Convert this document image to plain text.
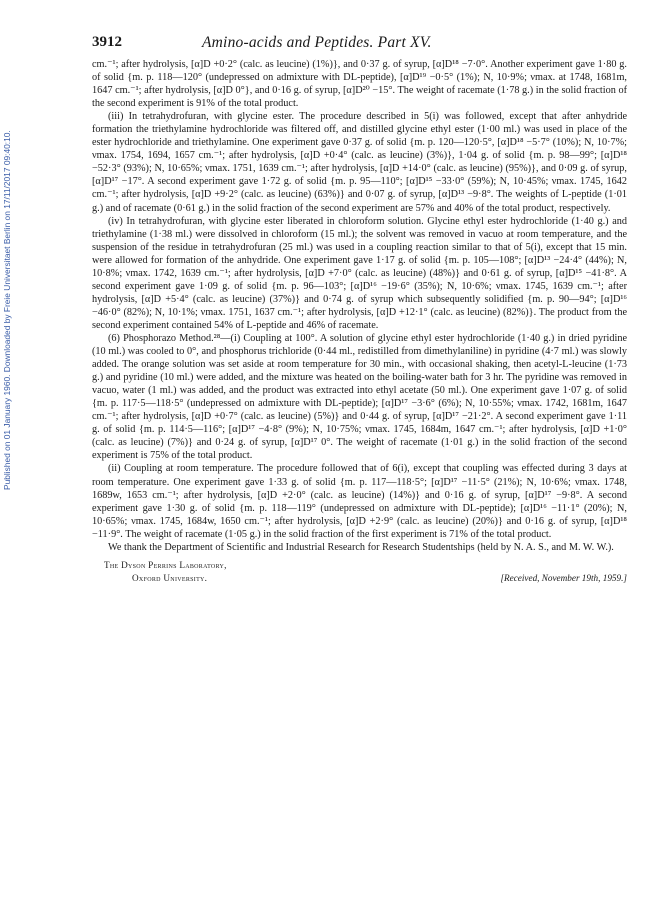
Published on 01 January 1960. Downloaded by Freie Universitaet Berlin on 17/11/2017 09:40:10.
3912	Amino-acids and Peptides. Part XV.

cm.⁻¹; after hydrolysis, [α]D +0·2° (calc. as leucine) (1%)}, and 0·37 g. of syrup, [α]D¹⁸ −7·0°. Another experiment gave 1·80 g. of solid {m. p. 118—120° (undepressed on admixture with DL-peptide), [α]D¹⁹ −0·5° (1%); N, 10·9%; νmax. at 1748, 1681m, 1647 cm.⁻¹; after hydrolysis, [α]D 0°}, and 0·16 g. of syrup, [α]D²⁰ −15°. The weight of racemate (1·78 g.) in the solid fraction of the second experiment is 91% of the total product.

(iii) In tetrahydrofuran, with glycine ester. The procedure described in 5(i) was followed, except that after anhydride formation the triethylamine hydrochloride was filtered off, and distilled glycine ethyl ester (1·00 ml.) was used in place of the ester hydrochloride and triethylamine. One experiment gave 0·37 g. of solid {m. p. 120—120·5°, [α]D¹⁸ −5·7° (10%); N, 10·7%; νmax. 1754, 1694, 1657 cm.⁻¹; after hydrolysis, [α]D +0·4° (calc. as leucine) (3%)}, 1·04 g. of solid {m. p. 98—99°; [α]D¹⁸ −52·3° (93%); N, 10·65%; νmax. 1751, 1639 cm.⁻¹; after hydrolysis, [α]D +14·0° (calc. as leucine) (95%)}, and 0·09 g. of syrup, [α]D¹⁷ −17°. A second experiment gave 1·72 g. of solid {m. p. 95—110°; [α]D¹⁵ −33·0° (59%); N, 10·45%; νmax. 1745, 1642 cm.⁻¹; after hydrolysis, [α]D +9·2° (calc. as leucine) (63%)} and 0·07 g. of syrup, [α]D¹³ −9·8°. The weights of L-peptide (1·01 g.) and of racemate (0·61 g.) in the solid fraction of the second experiment are 57% and 40% of the total product, respectively.

(iv) In tetrahydrofuran, with glycine ester liberated in chloroform solution. Glycine ethyl ester hydrochloride (1·40 g.) and triethylamine (1·38 ml.) were dissolved in chloroform (15 ml.); the solvent was removed in vacuo at room temperature, and the suspension of the residue in tetrahydrofuran (25 ml.) was used in a coupling reaction similar to that of 5(i), except that 15 min. were allowed for formation of the anhydride. One experiment gave 1·17 g. of solid {m. p. 105—108°; [α]D¹³ −24·4° (44%); N, 10·8%; νmax. 1742, 1639 cm.⁻¹; after hydrolysis, [α]D +7·0° (calc. as leucine) (48%)} and 0·61 g. of syrup, [α]D¹⁵ −41·8°. A second experiment gave 1·09 g. of solid {m. p. 96—103°; [α]D¹⁶ −19·6° (35%); N, 10·6%; νmax. 1745, 1639 cm.⁻¹; after hydrolysis, [α]D +5·4° (calc. as leucine) (37%)} and 0·74 g. of syrup which subsequently solidified {m. p. 90—94°; [α]D¹⁶ −46·0° (82%); N, 10·1%; νmax. 1751, 1637 cm.⁻¹; after hydrolysis, [α]D +12·1° (calc. as leucine) (82%)}. The product from the second experiment contained 54% of L-peptide and 46% of racemate.

(6) Phosphorazo Method.²⁸—(i) Coupling at 100°. A solution of glycine ethyl ester hydrochloride (1·40 g.) in dried pyridine (10 ml.) was cooled to 0°, and phosphorus trichloride (0·44 ml., redistilled from dimethylaniline) in pyridine (4·7 ml.) was slowly added. The orange solution was set aside at room temperature for 30 min., with occasional shaking, then acetyl-L-leucine (1·73 g.) and pyridine (10 ml.) were added, and the mixture was heated on the boiling-water bath for 3 hr. The pyridine was removed in vacuo, water (1 ml.) was added, and the product was extracted into ethyl acetate (50 ml.). One experiment gave 1·07 g. of solid {m. p. 117·5—118·5° (undepressed on admixture with DL-peptide); [α]D¹⁷ −3·6° (6%); N, 10·55%; νmax. 1742, 1681m, 1647 cm.⁻¹; after hydrolysis, [α]D +0·7° (calc. as leucine) (5%)} and 0·44 g. of syrup, [α]D¹⁷ −21·2°. A second experiment gave 1·11 g. of solid {m. p. 114·5—116°; [α]D¹⁷ −4·8° (9%); N, 10·75%; νmax. 1745, 1684m, 1647 cm.⁻¹; after hydrolysis, [α]D +1·0° (calc. as leucine) (7%)} and 0·24 g. of syrup, [α]D¹⁷ 0°. The weight of racemate (1·01 g.) in the solid fraction of the second experiment is 75% of the total product.

(ii) Coupling at room temperature. The procedure followed that of 6(i), except that coupling was effected during 3 days at room temperature. One experiment gave 1·33 g. of solid {m. p. 117—118·5°; [α]D¹⁷ −11·5° (21%); N, 10·6%; νmax. 1748, 1689w, 1653 cm.⁻¹; after hydrolysis, [α]D +2·0° (calc. as leucine) (14%)} and 0·16 g. of syrup, [α]D¹⁷ −9·8°. A second experiment gave 1·30 g. of solid {m. p. 118—119° (undepressed on admixture with DL-peptide); [α]D¹⁶ −11·1° (20%); N, 10·65%; νmax. 1745, 1684w, 1650 cm.⁻¹; after hydrolysis, [α]D +2·9° (calc. as leucine) (20%)} and 0·16 g. of syrup, [α]D¹⁸ −11·9°. The weight of racemate (1·05 g.) in the solid fraction of the first experiment is 71% of the total product.

We thank the Department of Scientific and Industrial Research for Research Studentships (held by N. A. S., and M. W. W.).

The Dyson Perrins Laboratory,
Oxford University.	[Received, November 19th, 1959.]
